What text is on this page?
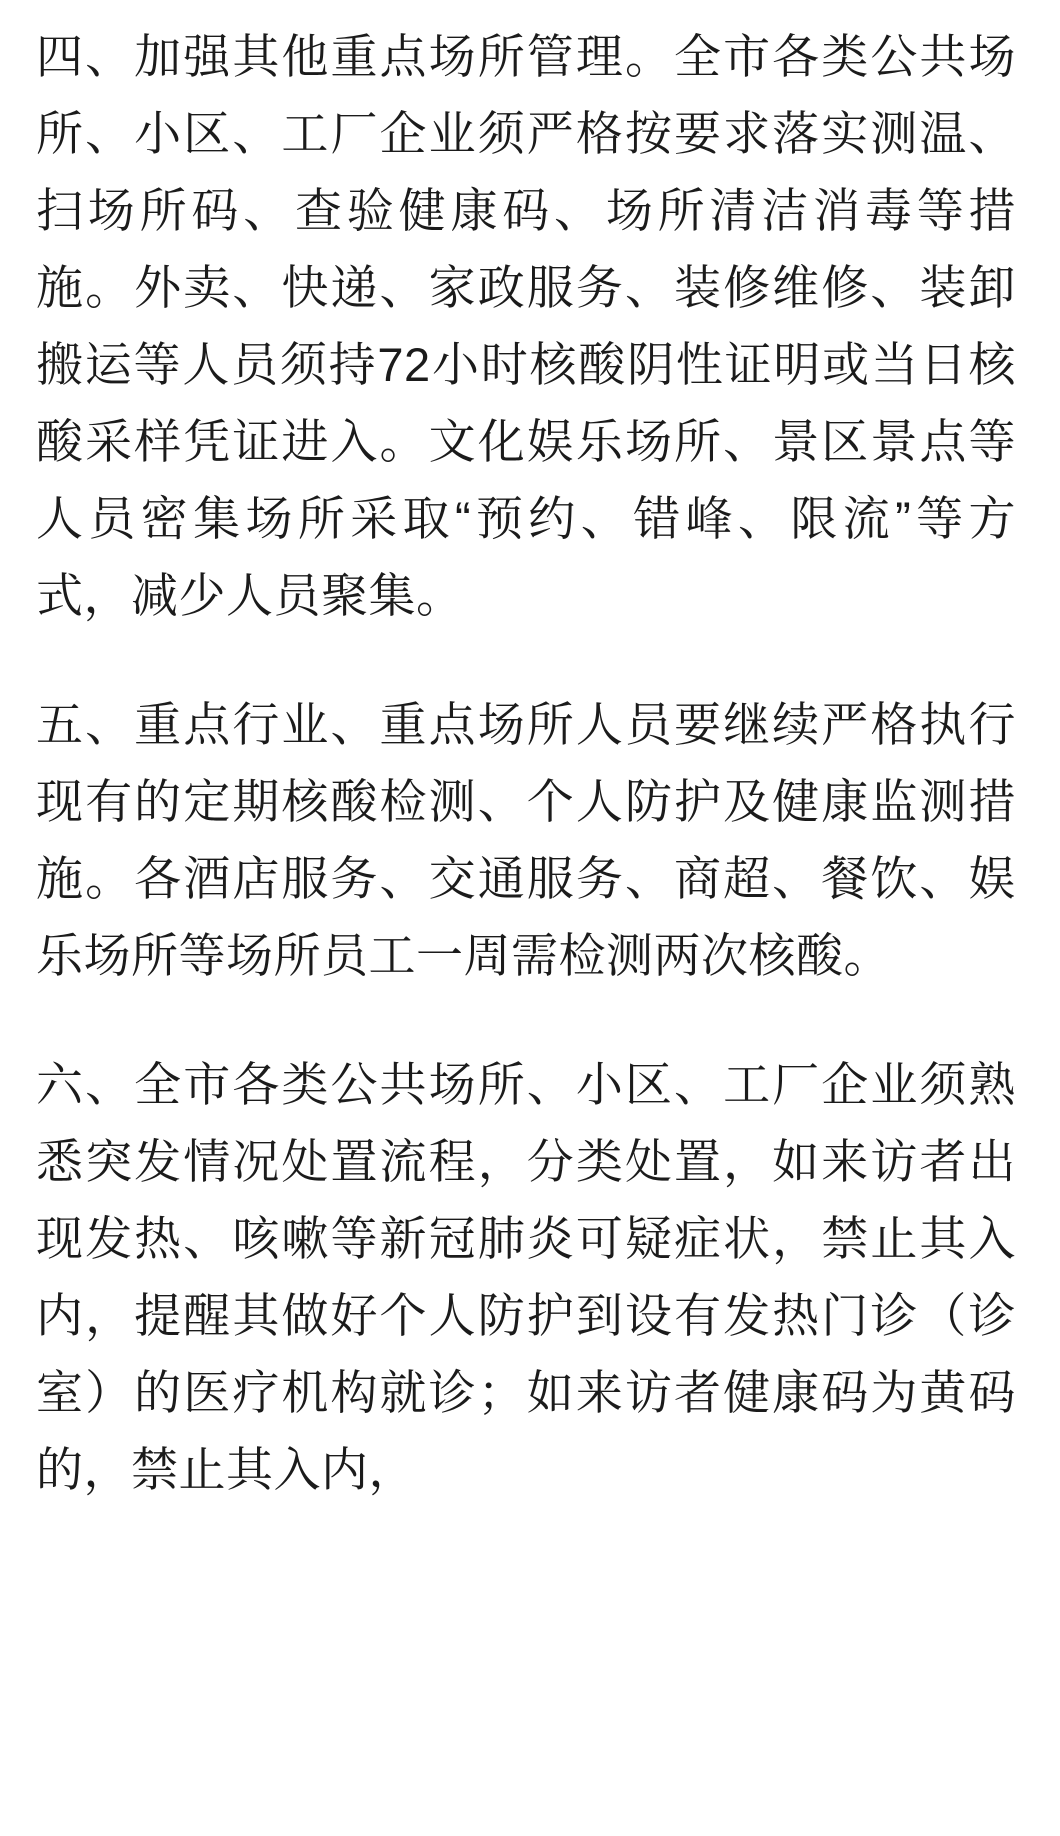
四、加强其他重点场所管理。全市各类公共场所、小区、工厂企业须严格按要求落实测温、扫场所码、查验健康码、场所清洁消毒等措施。外卖、快递、家政服务、装修维修、装卸搬运等人员须持72小时核酸阴性证明或当日核酸采样凭证进入。文化娱乐场所、景区景点等人员密集场所采取“预约、错峰、限流”等方式，减少人员聚集。

五、重点行业、重点场所人员要继续严格执行现有的定期核酸检测、个人防护及健康监测措施。各酒店服务、交通服务、商超、餐饮、娱乐场所等场所员工一周需检测两次核酸。

六、全市各类公共场所、小区、工厂企业须熟悉突发情况处置流程，分类处置，如来访者出现发热、咳嗽等新冠肺炎可疑症状，禁止其入内，提醒其做好个人防护到设有发热门诊（诊室）的医疗机构就诊；如来访者健康码为黄码的，禁止其入内，
